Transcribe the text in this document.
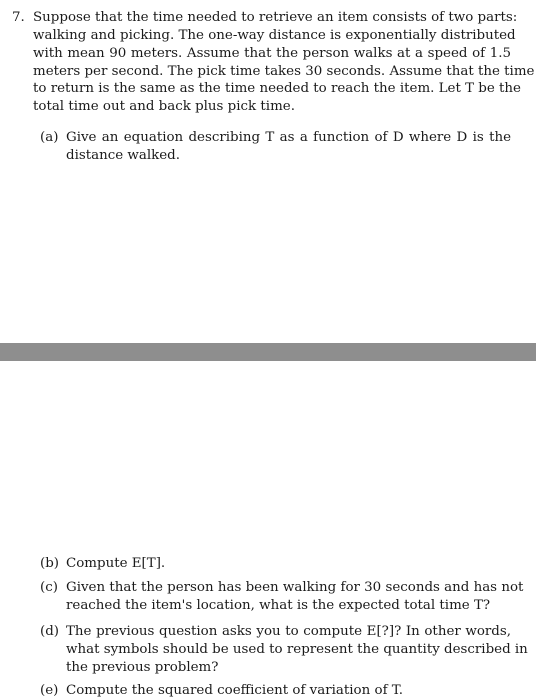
7. Suppose that the time needed to retrieve an item consists of two parts:
walking and picking. The one-way distance is exponentially distributed
with mean 90 meters. Assume that the person walks at a speed of 1.5
meters per second. The pick time takes 30 seconds. Assume that the time
to return is the same as the time needed to reach the item. Let T be the
total time out and back plus pick time.
(a) Give an equation describing T as a function of D where D is the
distance walked.
(b) Compute E[T].
(c) Given that the person has been walking for 30 seconds and has not
reached the item's location, what is the expected total time T?
(d) The previous question asks you to compute E[?]? In other words,
what symbols should be used to represent the quantity described in
the previous problem?
(e) Compute the squared coefficient of variation of T.
